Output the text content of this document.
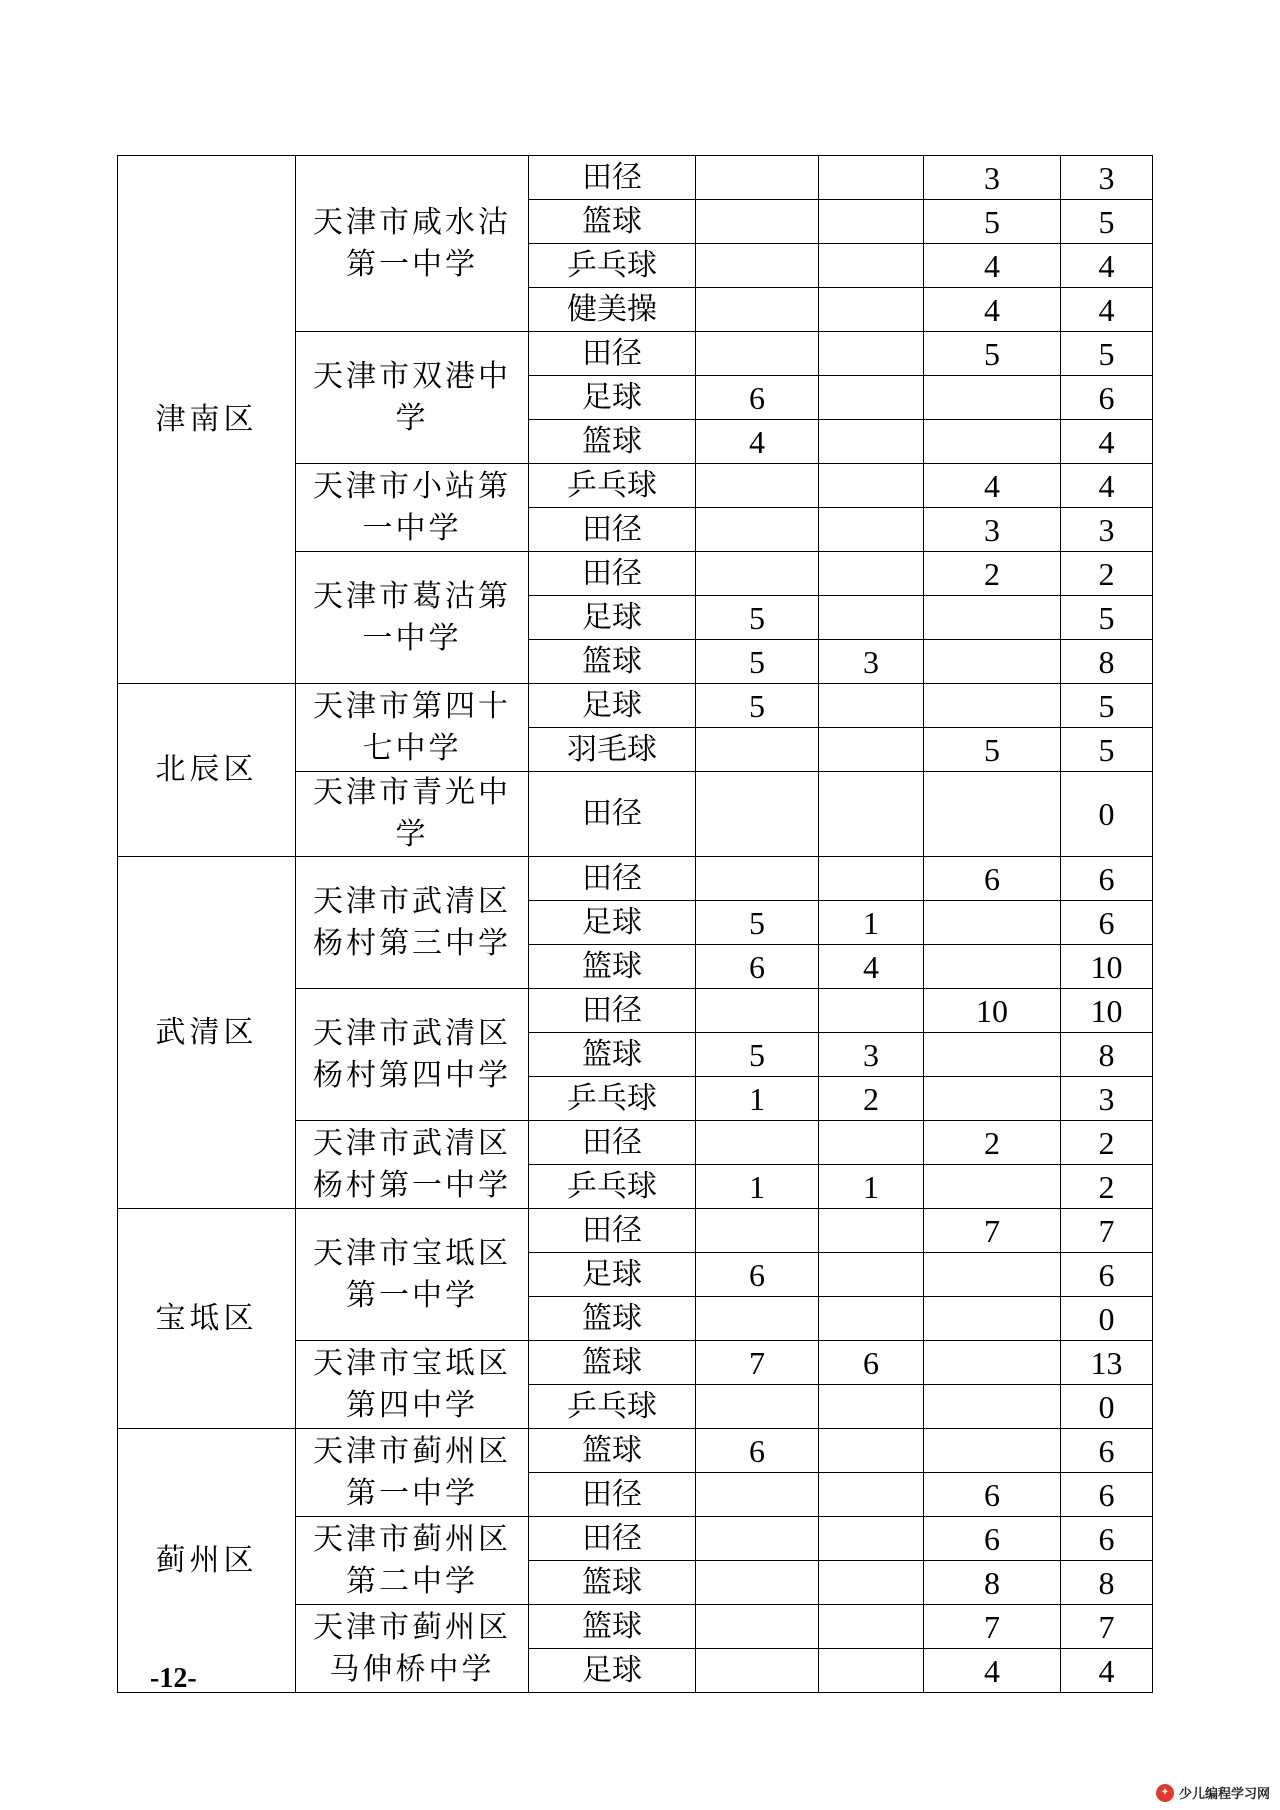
津南区	天津市咸水沽第一中学	田径			3	3
		篮球			5	5
		乒乓球			4	4
		健美操			4	4
	天津市双港中学	田径			5	5
		足球	6			6
		篮球	4			4
	天津市小站第一中学	乒乓球			4	4
		田径			3	3
	天津市葛沽第一中学	田径			2	2
		足球	5			5
		篮球	5	3		8
北辰区	天津市第四十七中学	足球	5			5
		羽毛球			5	5
	天津市青光中学	田径				0
武清区	天津市武清区杨村第三中学	田径			6	6
		足球	5	1		6
		篮球	6	4		10
	天津市武清区杨村第四中学	田径			10	10
		篮球	5	3		8
		乒乓球	1	2		3
	天津市武清区杨村第一中学	田径			2	2
		乒乓球	1	1		2
宝坻区	天津市宝坻区第一中学	田径			7	7
		足球	6			6
		篮球				0
	天津市宝坻区第四中学	篮球	7	6		13
		乒乓球				0
蓟州区	天津市蓟州区第一中学	篮球	6			6
		田径			6	6
	天津市蓟州区第二中学	田径			6	6
		篮球			8	8
	天津市蓟州区马伸桥中学	篮球			7	7
		足球			4	4
-12-
✦ 少儿编程学习网
